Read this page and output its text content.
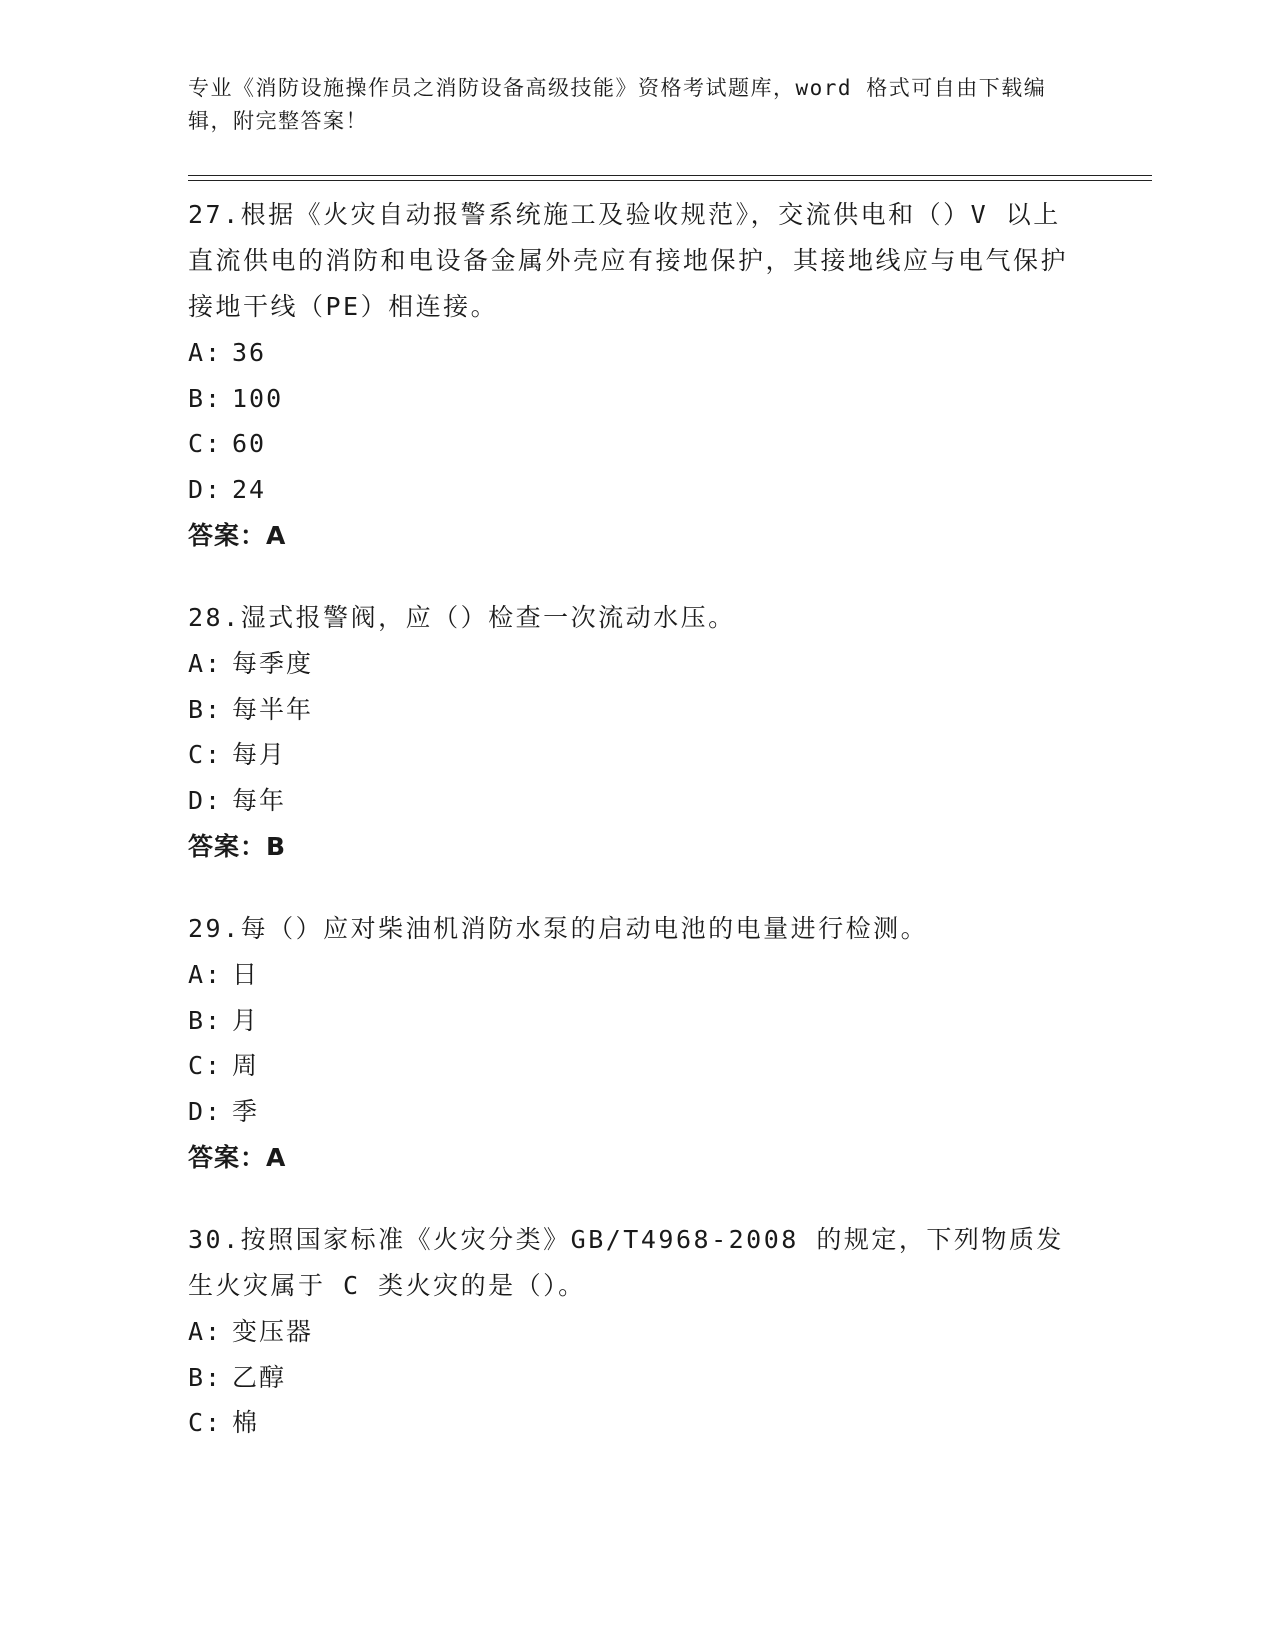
专业《消防设施操作员之消防设备高级技能》资格考试题库，word 格式可自由下载编辑，附完整答案！
27.根据《火灾自动报警系统施工及验收规范》，交流供电和（）V 以上直流供电的消防和电设备金属外壳应有接地保护，其接地线应与电气保护接地干线（PE）相连接。
A: 36
B: 100
C: 60
D: 24
答案：A
28.湿式报警阀，应（）检查一次流动水压。
A: 每季度
B: 每半年
C: 每月
D: 每年
答案：B
29.每（）应对柴油机消防水泵的启动电池的电量进行检测。
A: 日
B: 月
C: 周
D: 季
答案：A
30.按照国家标准《火灾分类》GB/T4968-2008 的规定，下列物质发生火灾属于 C 类火灾的是（）。
A: 变压器
B: 乙醇
C: 棉
